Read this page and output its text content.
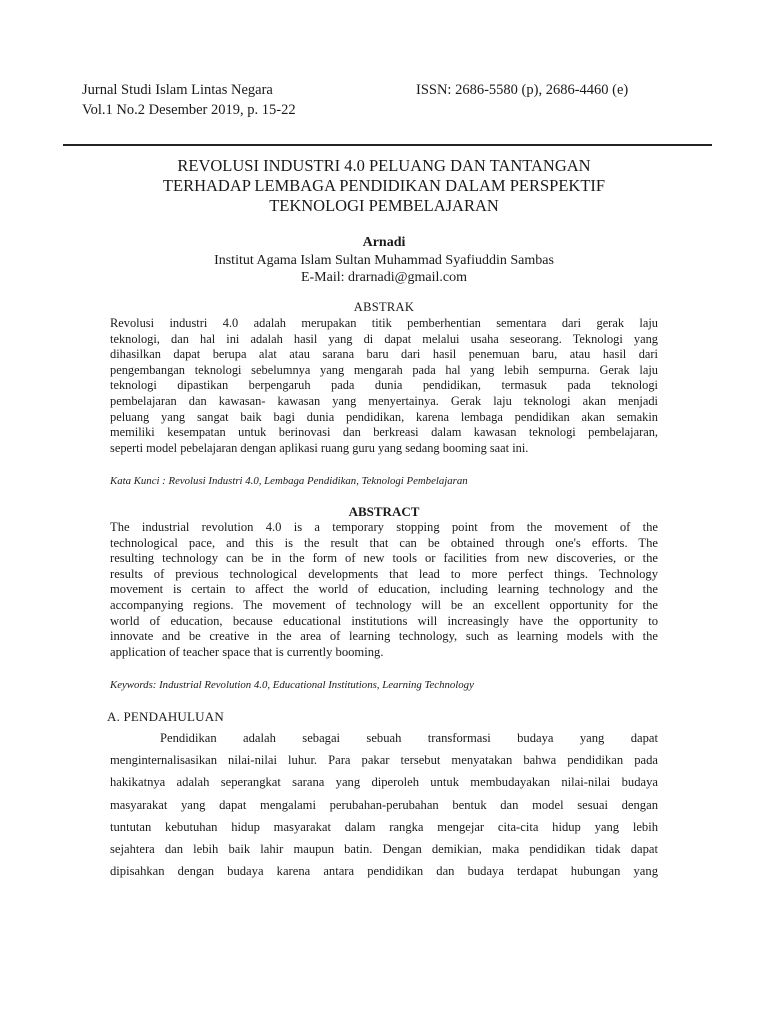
Jurnal Studi Islam Lintas Negara
Vol.1 No.2 Desember 2019, p. 15-22
ISSN: 2686-5580 (p), 2686-4460 (e)
REVOLUSI INDUSTRI 4.0 PELUANG DAN TANTANGAN
TERHADAP LEMBAGA PENDIDIKAN DALAM PERSPEKTIF
TEKNOLOGI PEMBELAJARAN
Arnadi
Institut Agama Islam Sultan Muhammad Syafiuddin Sambas
E-Mail: drarnadi@gmail.com
ABSTRAK
Revolusi industri 4.0 adalah merupakan titik pemberhentian sementara dari gerak laju
teknologi, dan hal ini adalah hasil yang di dapat melalui usaha seseorang. Teknologi yang
dihasilkan dapat berupa alat atau sarana baru dari hasil penemuan baru, atau hasil dari
pengembangan teknologi sebelumnya yang mengarah pada hal yang lebih sempurna. Gerak laju
teknologi dipastikan berpengaruh pada dunia pendidikan, termasuk pada teknologi
pembelajaran dan kawasan- kawasan yang menyertainya. Gerak laju teknologi akan menjadi
peluang yang sangat baik bagi dunia pendidikan, karena lembaga pendidikan akan semakin
memiliki kesempatan untuk berinovasi dan berkreasi dalam kawasan teknologi pembelajaran,
seperti model pebelajaran dengan aplikasi ruang guru yang sedang booming saat ini.
Kata Kunci : Revolusi Industri 4.0, Lembaga Pendidikan, Teknologi Pembelajaran
ABSTRACT
The industrial revolution 4.0 is a temporary stopping point from the movement of the
technological pace, and this is the result that can be obtained through one's efforts. The
resulting technology can be in the form of new tools or facilities from new discoveries, or the
results of previous technological developments that lead to more perfect things. Technology
movement is certain to affect the world of education, including learning technology and the
accompanying regions. The movement of technology will be an excellent opportunity for the
world of education, because educational institutions will increasingly have the opportunity to
innovate and be creative in the area of learning technology, such as learning models with the
application of teacher space that is currently booming.
Keywords: Industrial Revolution 4.0, Educational Institutions, Learning Technology
A. PENDAHULUAN
Pendidikan adalah sebagai sebuah transformasi budaya yang dapat
menginternalisasikan nilai-nilai luhur. Para pakar tersebut menyatakan bahwa pendidikan pada
hakikatnya adalah seperangkat sarana yang diperoleh untuk membudayakan nilai-nilai budaya
masyarakat yang dapat mengalami perubahan-perubahan bentuk dan model sesuai dengan
tuntutan kebutuhan hidup masyarakat dalam rangka mengejar cita-cita hidup yang lebih
sejahtera dan lebih baik lahir maupun batin. Dengan demikian, maka pendidikan tidak dapat
dipisahkan dengan budaya karena antara pendidikan dan budaya terdapat hubungan yang
